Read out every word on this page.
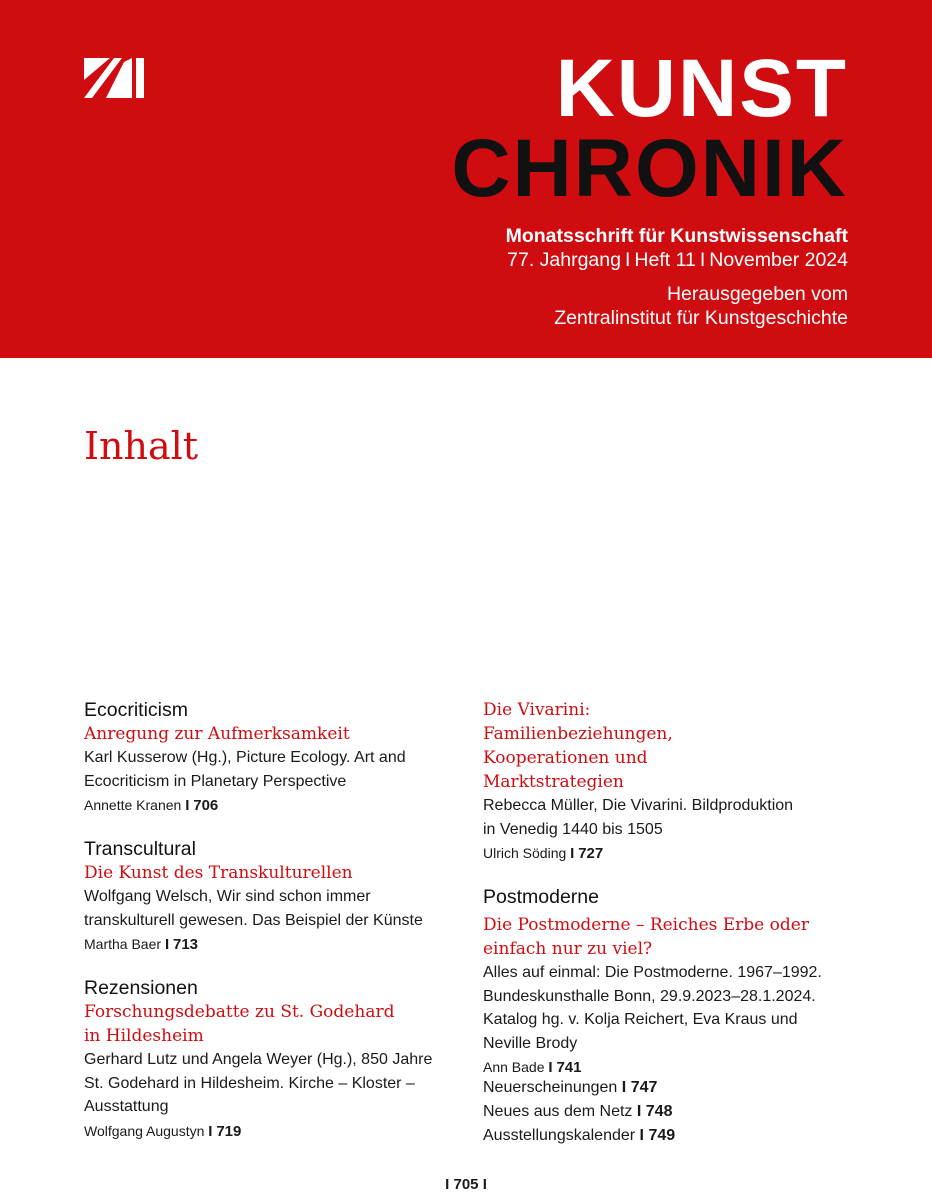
KUNST
CHRONIK
Monatsschrift für Kunstwissenschaft
77. Jahrgang I Heft 11 I November 2024
Herausgegeben vom
Zentralinstitut für Kunstgeschichte
Inhalt

Ecocriticism

Anregung zur Aufmerksamkeit

Karl Kusserow (Hg.), Picture Ecology. Art and

Ecocriticism in Planetary Perspective

Annette Kranen I 706

Transcultural

Die Kunst des Transkulturellen

Wolfgang Welsch, Wir sind schon immer

transkulturell gewesen. Das Beispiel der Künste

Martha Baer I 713

Rezensionen

Forschungsdebatte zu St. Godehard in Hildesheim

Gerhard Lutz und Angela Weyer (Hg.), 850 Jahre

St. Godehard in Hildesheim. Kirche – Kloster –

Ausstattung

Wolfgang Augustyn I 719

Die Vivarini: Familienbeziehungen, Kooperationen und Marktstrategien

Rebecca Müller, Die Vivarini. Bildproduktion

in Venedig 1440 bis 1505

Ulrich Söding I 727

Postmoderne

Die Postmoderne – Reiches Erbe oder einfach nur zu viel?

Alles auf einmal: Die Postmoderne. 1967–1992.

Bundeskunsthalle Bonn, 29.9.2023–28.1.2024.

Katalog hg. v. Kolja Reichert, Eva Kraus und

Neville Brody

Ann Bade I 741
Neuerscheinungen I 747
Neues aus dem Netz I 748
Ausstellungskalender I 749
I 705 I
